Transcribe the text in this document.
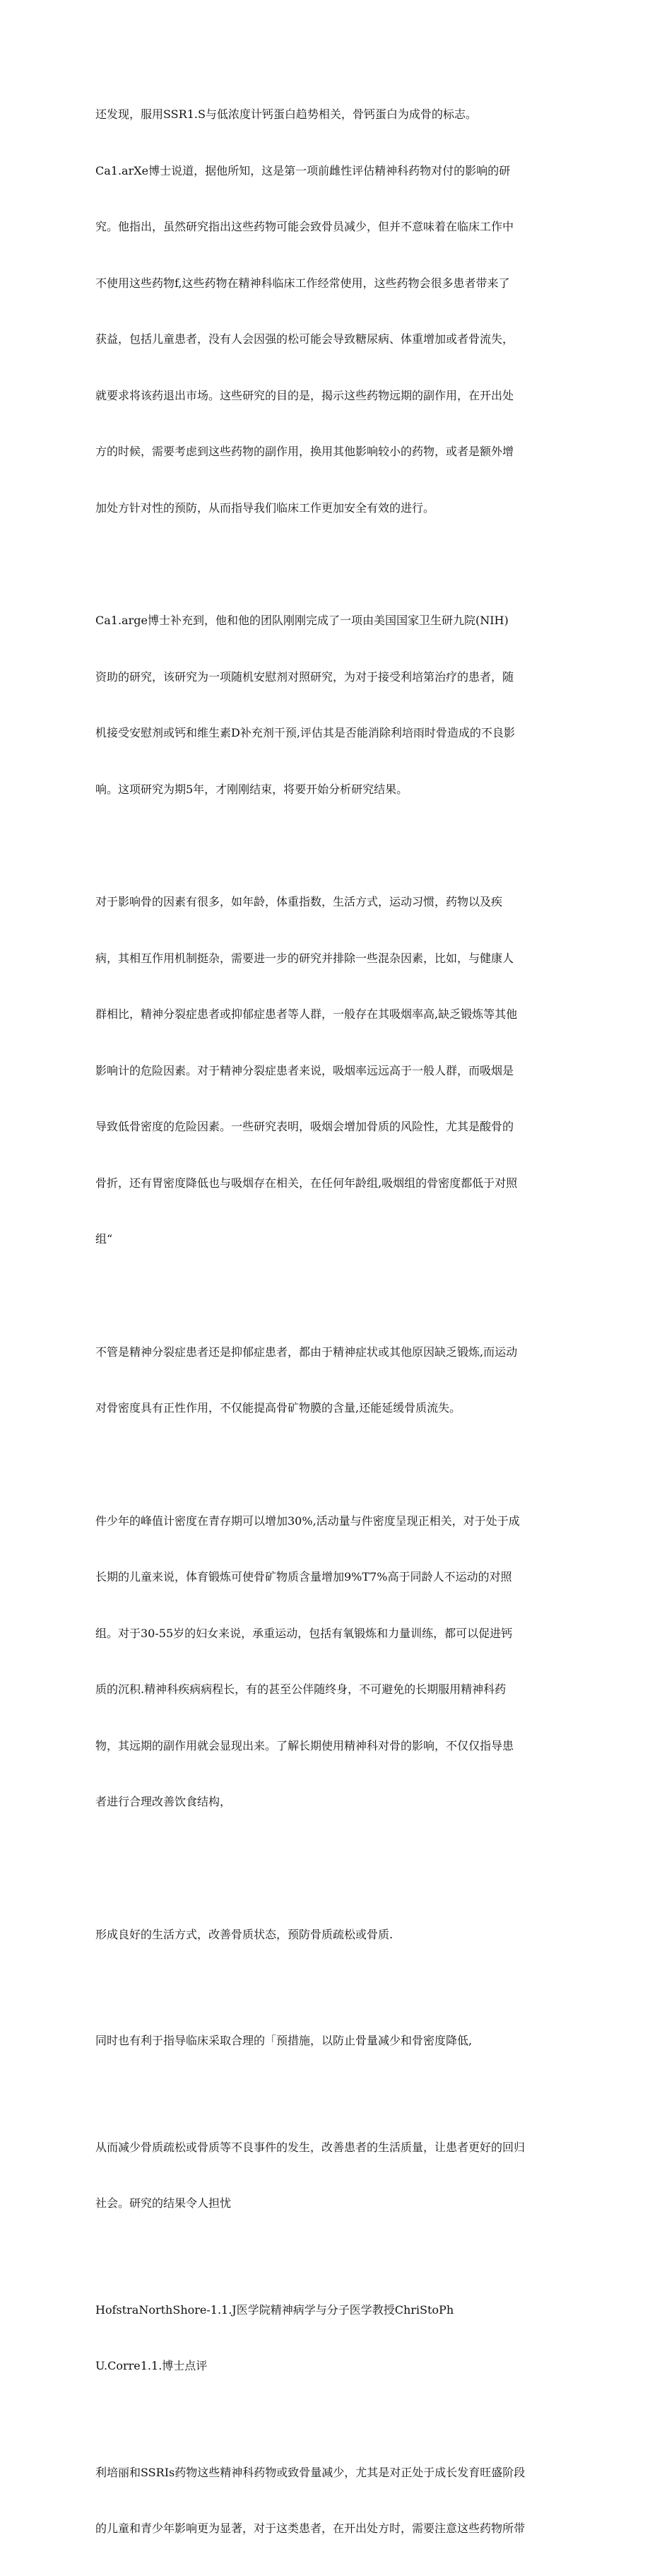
还发现，服用SSR1.S与低浓度计钙蛋白趋势相关，骨钙蛋白为成骨的标志。

Ca1.arXe博士说道，据他所知，这是第一项前雌性评估精神科药物对付的影响的研

究。他指出，虽然研究指出这些药物可能会致骨员减少，但并不意味着在临床工作中

不使用这些药物f,这些药物在精神科临床工作经常使用，这些药物会很多患者带来了

获益，包括儿童患者，没有人会因强的松可能会导致糖尿病、体重增加或者骨流失，

就要求将该药退出市场。这些研究的目的是，揭示这些药物远期的副作用，在开出处

方的时候，需要考虑到这些药物的副作用，换用其他影响较小的药物，或者是额外增

加处方针对性的预防，从而指导我们临床工作更加安全有效的进行。

Ca1.arge博士补充到，他和他的团队刚刚完成了一项由美国国家卫生研九院(NIH)

资助的研究，该研究为一项随机安慰剂对照研究，为对于接受利培第治疗的患者，随

机接受安慰剂或钙和维生素D补充剂干预,评估其是否能消除利培雨时骨造成的不良影

响。这项研究为期5年，才刚刚结束，将要开始分析研究结果。

对于影响骨的因素有很多，如年龄，体重指数，生活方式，运动习惯，药物以及疾

病，其相互作用机制挺杂，需要进一步的研究并排除一些混杂因素，比如，与健康人

群相比，精神分裂症患者或抑郁症患者等人群，一般存在其吸烟率高,缺乏锻炼等其他

影响计的危险因素。对于精神分裂症患者来说，吸烟率远远高于一般人群，而吸烟是

导致低骨密度的危险因素。一些研究表明，吸烟会增加骨质的风险性，尤其是酸骨的

骨折，还有胃密度降低也与吸烟存在相关，在任何年龄组,吸烟组的骨密度都低于对照

组“

不管是精神分裂症患者还是抑郁症患者，都由于精神症状或其他原因缺乏锻炼,而运动

对骨密度具有正性作用，不仅能提高骨矿物膜的含量,还能延缓骨质流失。

件少年的峰值计密度在青存期可以增加30%,活动量与件密度呈现正相关，对于处于成

长期的儿童来说，体育锻炼可使骨矿物质含量增加9%T7%高于同龄人不运动的对照

组。对于30-55岁的妇女来说，承重运动，包括有氧锻炼和力量训练，都可以促进钙

质的沉积.精神科疾病病程长，有的甚至公伴随终身，不可避免的长期服用精神科药

物，其远期的副作用就会显现出来。了解长期使用精神科对骨的影响，不仅仅指导患

者进行合理改善饮食结构，

形成良好的生活方式，改善骨质状态，预防骨质疏松或骨质.

同时也有利于指导临床采取合理的「预措施，以防止骨量减少和骨密度降低,

从而减少骨质疏松或骨质等不良事件的发生，改善患者的生活质量，让患者更好的回归

社会。研究的结果令人担忧

HofstraNorthShore-1.1.J医学院精神病学与分子医学教授ChriStoPh

U.Corre1.1.博士点评

利培丽和SSRIs药物这些精神科药物或致骨量减少，尤其是对正处于成长发育旺盛阶段

的儿童和青少年影响更为显著，对于这类患者，在开出处方时，需要注意这些药物所带
